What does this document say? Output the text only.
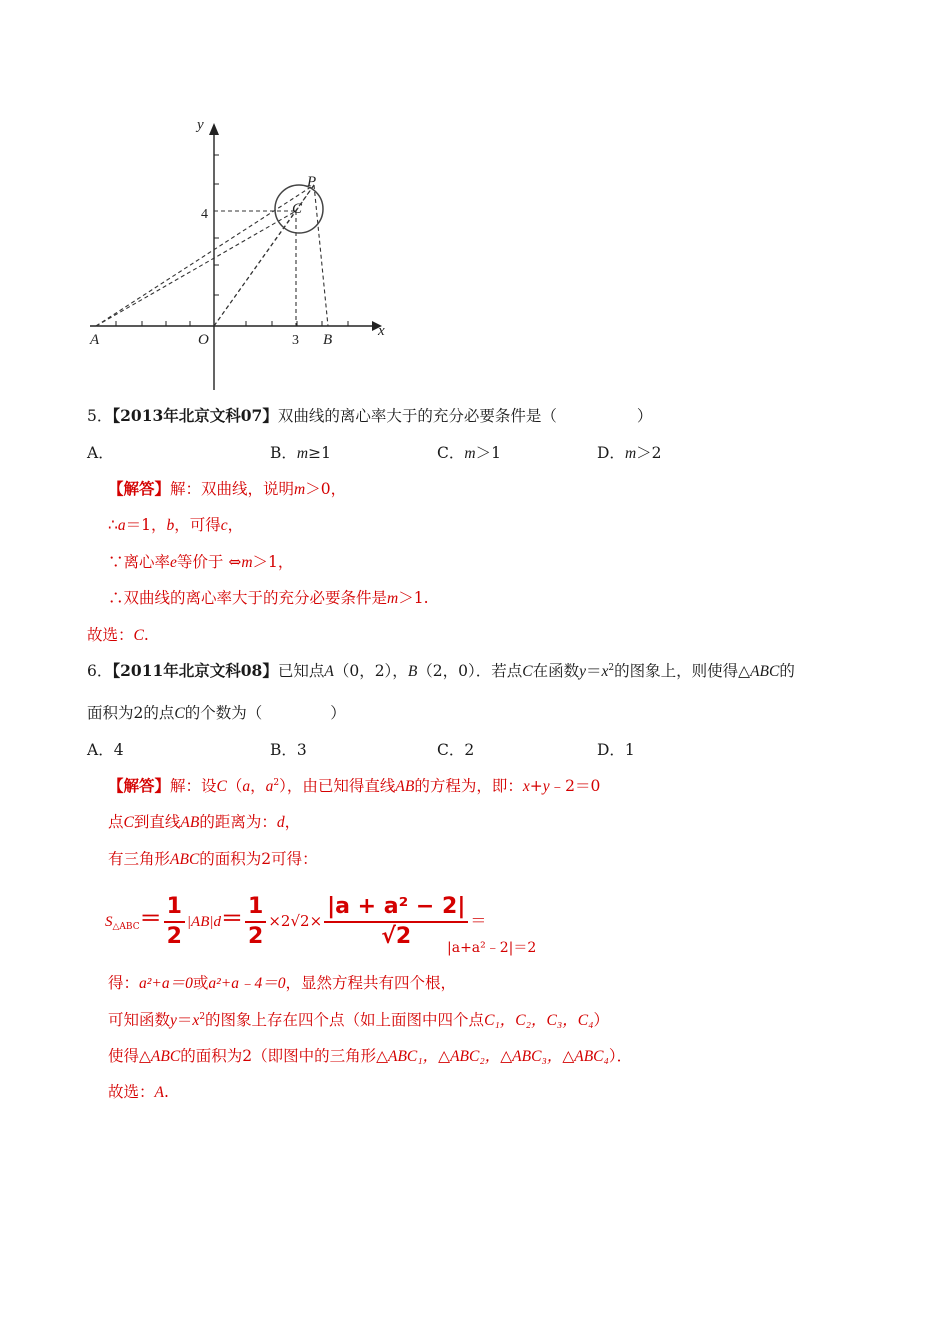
y
x
A	O	B
C
P
4
3
5．【2013年北京文科07】双曲线的离心率大于的充分必要条件是（	）
A．	B．m≥1	C．m＞1	D．m＞2
【解答】解：双曲线，说明m＞0，
∴a＝1，b，可得c，
∵离心率e等价于 ⇔m＞1，
∴双曲线的离心率大于的充分必要条件是m＞1.
故选：C.
6．【2011年北京文科08】已知点A（0，2），B（2，0）．若点C在函数$y=x^2$的图象上，则使得△ABC的
面积为2的点C的个数为（	）
A．4	B．3	C．2	D．1
【解答】解：设C（a，$a^2$），由已知得直线AB的方程为，即：x+y﹣2＝0
点C到直线AB的距离为：d，
有三角形ABC的面积为2可得：
$S_{\triangle ABC}= \frac{1}{2} |AB|d= \frac{1}{2} \times 2√2\times \frac{\text{|a + a² − 2|}}{√2}$ ＝
|a+a²﹣2|＝2
得：a²+a＝0或a²+a﹣4＝0，显然方程共有四个根，
可知函数$y=x^2$的图象上存在四个点（如上面图中四个点C₁，C₂，C₃，C₄）
使得△ABC的面积为2（即图中的三角形△ABC₁，△ABC₂，△ABC₃，△ABC₄）．
故选：A.
